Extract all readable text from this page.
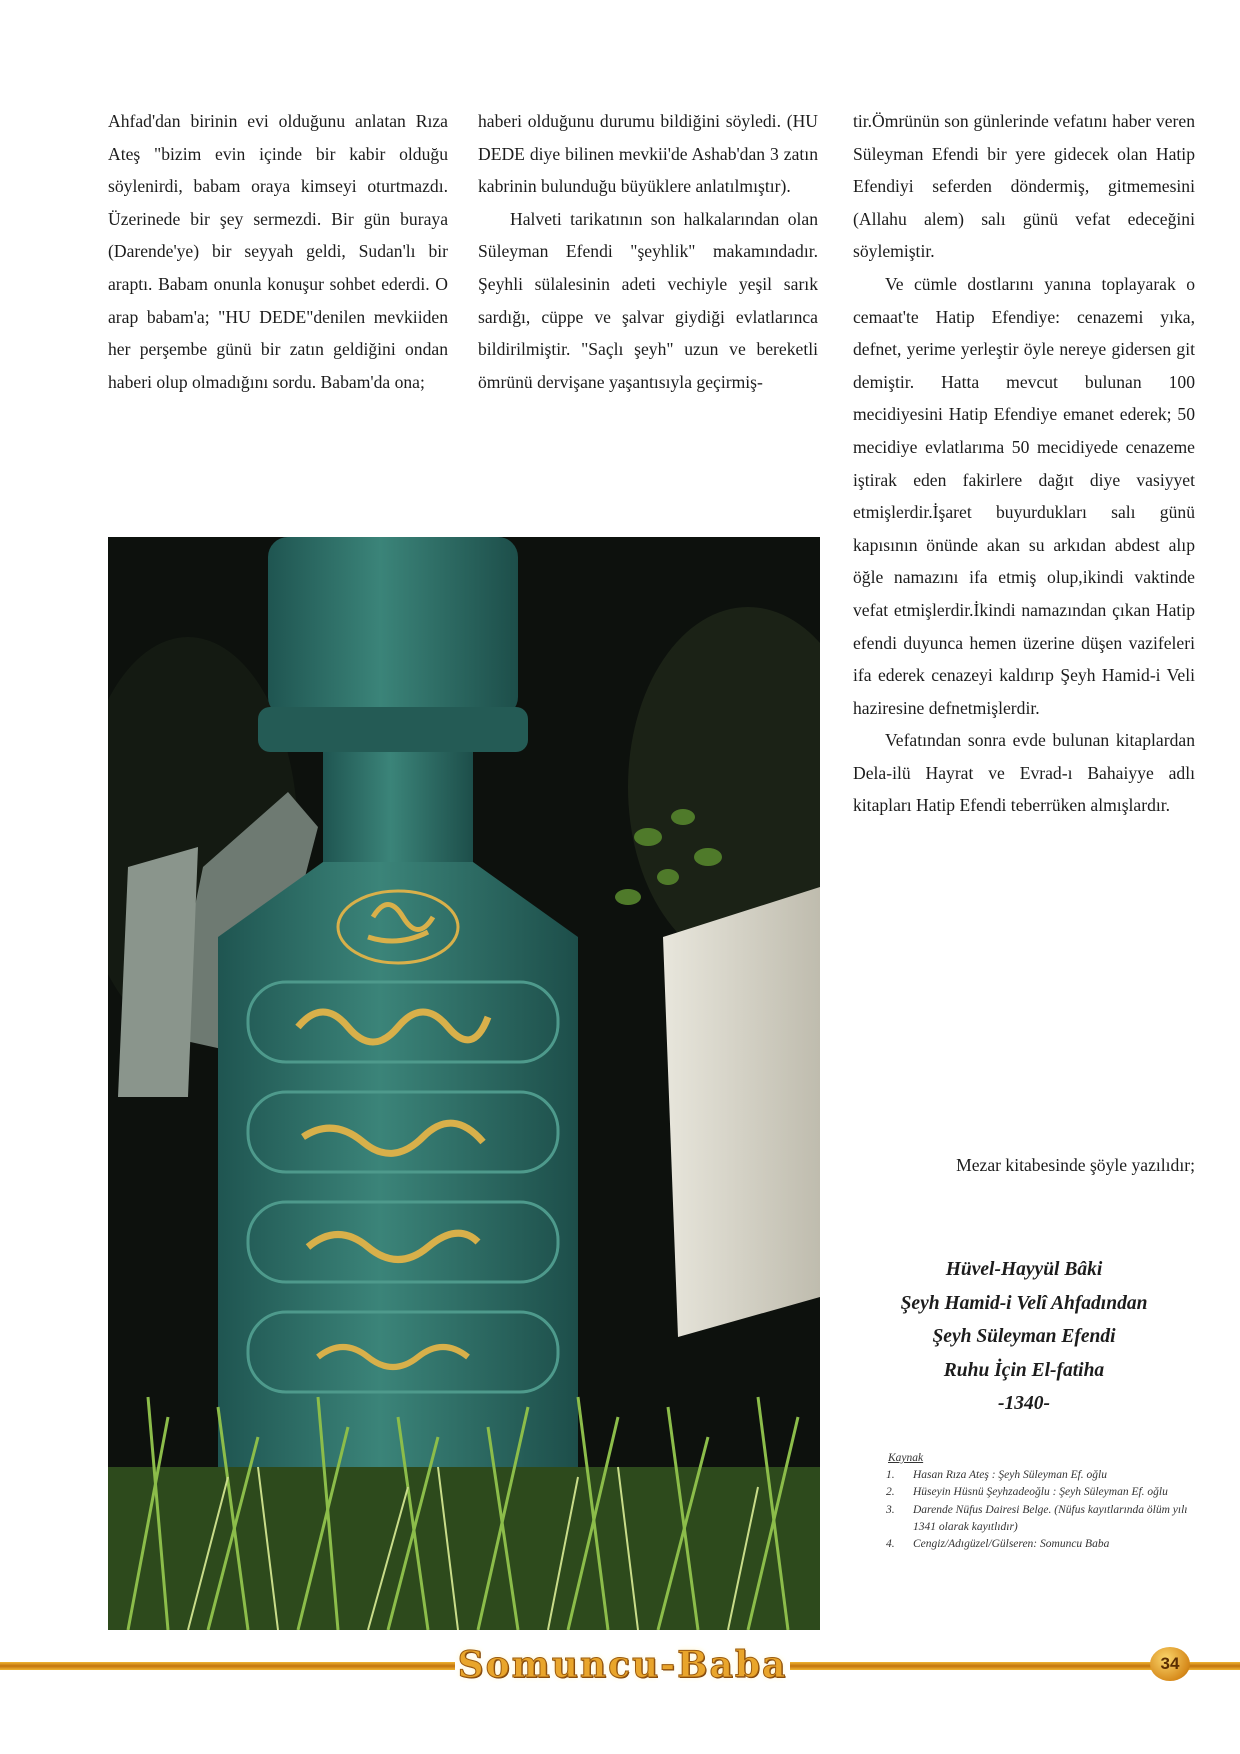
Ahfad'dan birinin evi olduğunu anlatan Rıza Ateş "bizim evin içinde bir kabir olduğu söylenirdi, babam oraya kimseyi oturtmazdı. Üzerinede bir şey sermezdi. Bir gün buraya (Darende'ye) bir seyyah geldi, Sudan'lı bir araptı. Babam onunla konuşur sohbet ederdi. O arap babam'a; "HU DEDE"denilen mevkiiden her perşembe günü bir zatın geldiğini ondan haberi olup olmadığını sordu. Babam'da ona;

haberi olduğunu durumu bildiğini söyledi. (HU DEDE diye bilinen mevkii'de Ashab'dan 3 zatın kabrinin bulunduğu büyüklere anlatılmıştır).

Halveti tarikatının son halkalarından olan Süleyman Efendi "şeyhlik" makamındadır. Şeyhli sülalesinin adeti vechiyle yeşil sarık sardığı, cüppe ve şalvar giydiği evlatlarınca bildirilmiştir. "Saçlı şeyh" uzun ve bereketli ömrünü dervişane yaşantısıyla geçirmiş-

tir.Ömrünün son günlerinde vefatını haber veren Süleyman Efendi bir yere gidecek olan Hatip Efendiyi seferden döndermiş, gitmemesini (Allahu alem) salı günü vefat edeceğini söylemiştir.

Ve cümle dostlarını yanına toplayarak o cemaat'te Hatip Efendiye: cenazemi yıka, defnet, yerime yerleştir öyle nereye gidersen git demiştir. Hatta mevcut bulunan 100 mecidiyesini Hatip Efendiye emanet ederek; 50 mecidiye evlatlarıma 50 mecidiyede cenazeme iştirak eden fakirlere dağıt diye vasiyyet etmişlerdir.İşaret buyurdukları salı günü kapısının önünde akan su arkıdan abdest alıp öğle namazını ifa etmiş olup,ikindi vaktinde vefat etmişlerdir.İkindi namazından çıkan Hatip efendi duyunca hemen üzerine düşen vazifeleri ifa ederek cenazeyi kaldırıp Şeyh Hamid-i Veli haziresine defnetmişlerdir.

Vefatından sonra evde bulunan kitaplardan Dela-ilü Hayrat ve Evrad-ı Bahaiyye adlı kitapları Hatip Efendi teberrüken almışlardır.

Mezar kitabesinde şöyle yazılıdır;
Hüvel-Hayyül Bâki
Şeyh Hamid-i Velî Ahfadından
Şeyh Süleyman Efendi
Ruhu İçin El-fatiha
-1340-
Kaynak
1. Hasan Rıza Ateş : Şeyh Süleyman Ef. oğlu
2. Hüseyin Hüsnü Şeyhzadeoğlu : Şeyh Süleyman Ef. oğlu
3. Darende Nüfus Dairesi Belge. (Nüfus kayıtlarında ölüm yılı 1341 olarak kayıtlıdır)
4. Cengiz/Adıgüzel/Gülseren: Somuncu Baba
Somuncu-Baba	34
